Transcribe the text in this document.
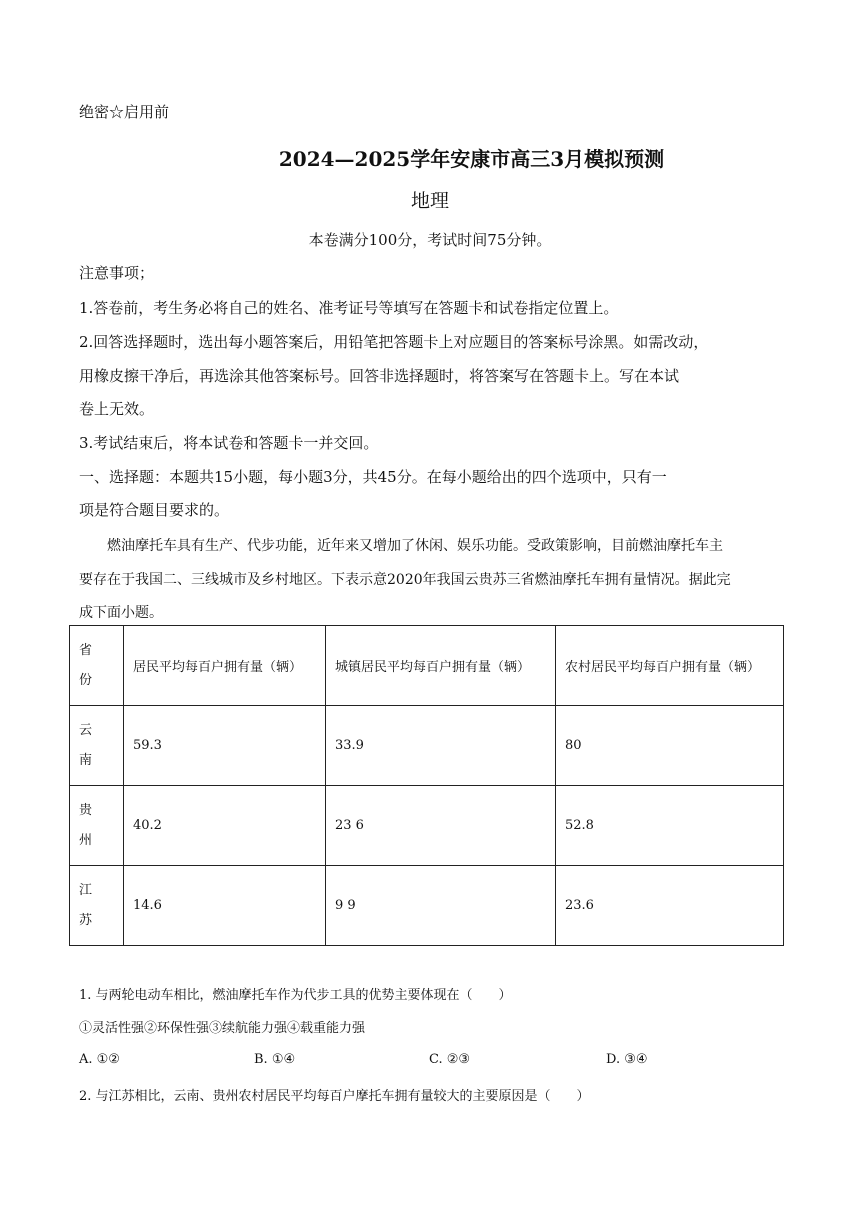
绝密☆启用前
2024—2025学年安康市高三3月模拟预测
地理
本卷满分100分，考试时间75分钟。
注意事项；
1.答卷前，考生务必将自己的姓名、准考证号等填写在答题卡和试卷指定位置上。
2.回答选择题时，选出每小题答案后，用铅笔把答题卡上对应题目的答案标号涂黑。如需改动，
用橡皮擦干净后，再选涂其他答案标号。回答非选择题时，将答案写在答题卡上。写在本试
卷上无效。
3.考试结束后，将本试卷和答题卡一并交回。
一、选择题：本题共15小题，每小题3分，共45分。在每小题给出的四个选项中，只有一
项是符合题目要求的。
燃油摩托车具有生产、代步功能，近年来又增加了休闲、娱乐功能。受政策影响，目前燃油摩托车主
要存在于我国二、三线城市及乡村地区。下表示意2020年我国云贵苏三省燃油摩托车拥有量情况。据此完
成下面小题。
省份	居民平均每百户拥有量（辆）	城镇居民平均每百户拥有量（辆）	农村居民平均每百户拥有量（辆）

云南	59.3	33.9	80

贵州	40.2	23 6	52.8

江苏	14.6	9 9	23.6
1. 与两轮电动车相比，燃油摩托车作为代步工具的优势主要体现在（　　）
①灵活性强②环保性强③续航能力强④载重能力强
A. ①②	B. ①④	C. ②③	D. ③④
2. 与江苏相比，云南、贵州农村居民平均每百户摩托车拥有量较大的主要原因是（　　）
